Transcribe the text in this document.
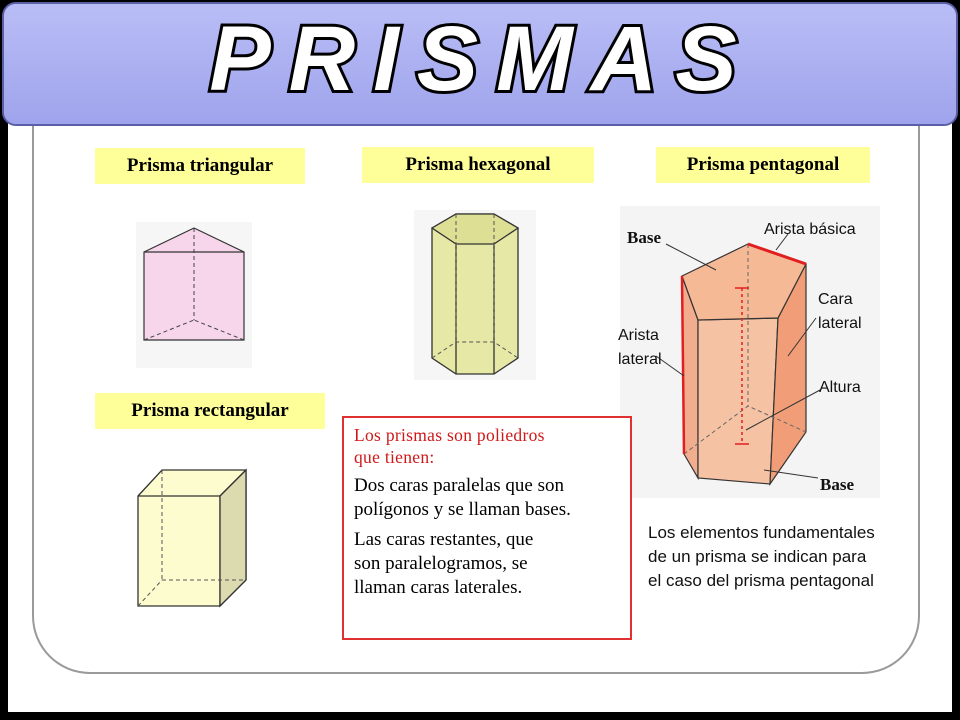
PRISMAS
Prisma triangular	Prisma hexagonal	Prisma pentagonal
Prisma rectangular
Base	Arista básica
Cara
lateral
Arista
lateral
Altura
Base
Los prismas son poliedros
que tienen:
Dos caras paralelas que son
polígonos y se llaman bases.
Las caras restantes, que
son paralelogramos, se
llaman caras laterales.
Los elementos fundamentales
de un prisma se indican para
el caso del prisma pentagonal
